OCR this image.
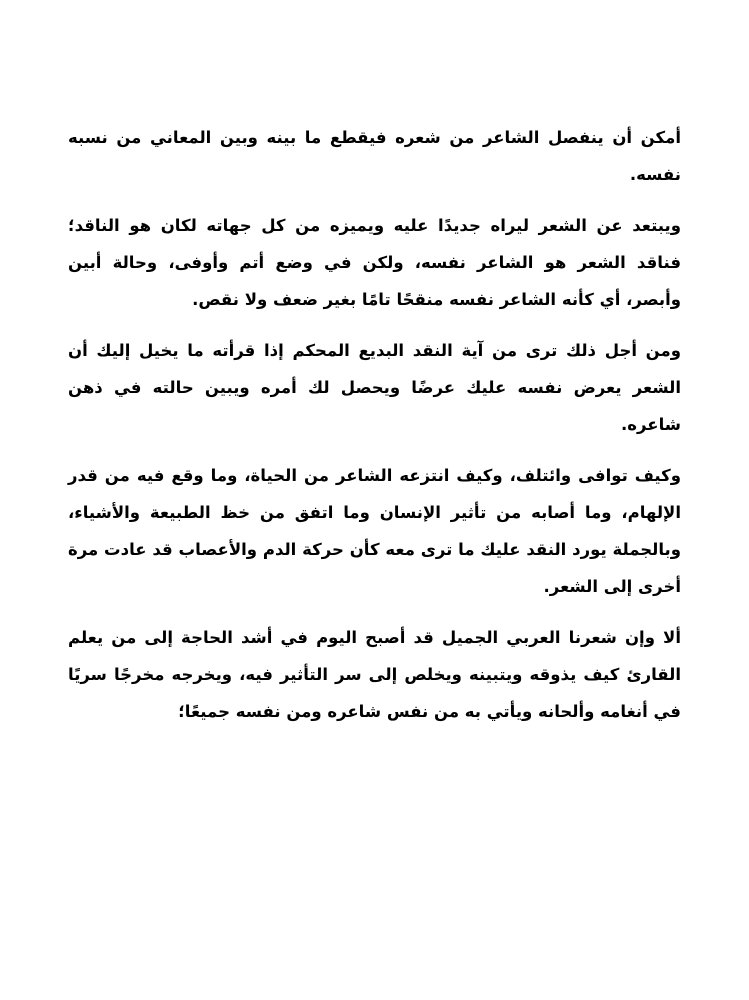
أمكن أن ينفصل الشاعر من شعره فيقطع ما بينه وبين المعاني من نسبه نفسه.

ويبتعد عن الشعر ليراه جديدًا عليه ويميزه من كل جهاته لكان هو الناقد؛ فناقد الشعر هو الشاعر نفسه، ولكن في وضع أتم وأوفى، وحالة أبين وأبصر، أي كأنه الشاعر نفسه منقحًا تامًا بغير ضعف ولا نقص.

ومن أجل ذلك ترى من آية النقد البديع المحكم إذا قرأته ما يخيل إليك أن الشعر يعرض نفسه عليك عرضًا ويحصل لك أمره ويبين حالته في ذهن شاعره.

وكيف توافى وائتلف، وكيف انتزعه الشاعر من الحياة، وما وقع فيه من قدر الإلهام، وما أصابه من تأثير الإنسان وما اتفق من خظ الطبيعة والأشياء، وبالجملة يورد النقد عليك ما ترى معه كأن حركة الدم والأعصاب قد عادت مرة أخرى إلى الشعر.

ألا وإن شعرنا العربي الجميل قد أصبح اليوم في أشد الحاجة إلى من يعلم القارئ كيف يذوقه ويتبينه ويخلص إلى سر التأثير فيه، ويخرجه مخرجًا سريًا في أنغامه وألحانه ويأتي به من نفس شاعره ومن نفسه جميعًا؛
